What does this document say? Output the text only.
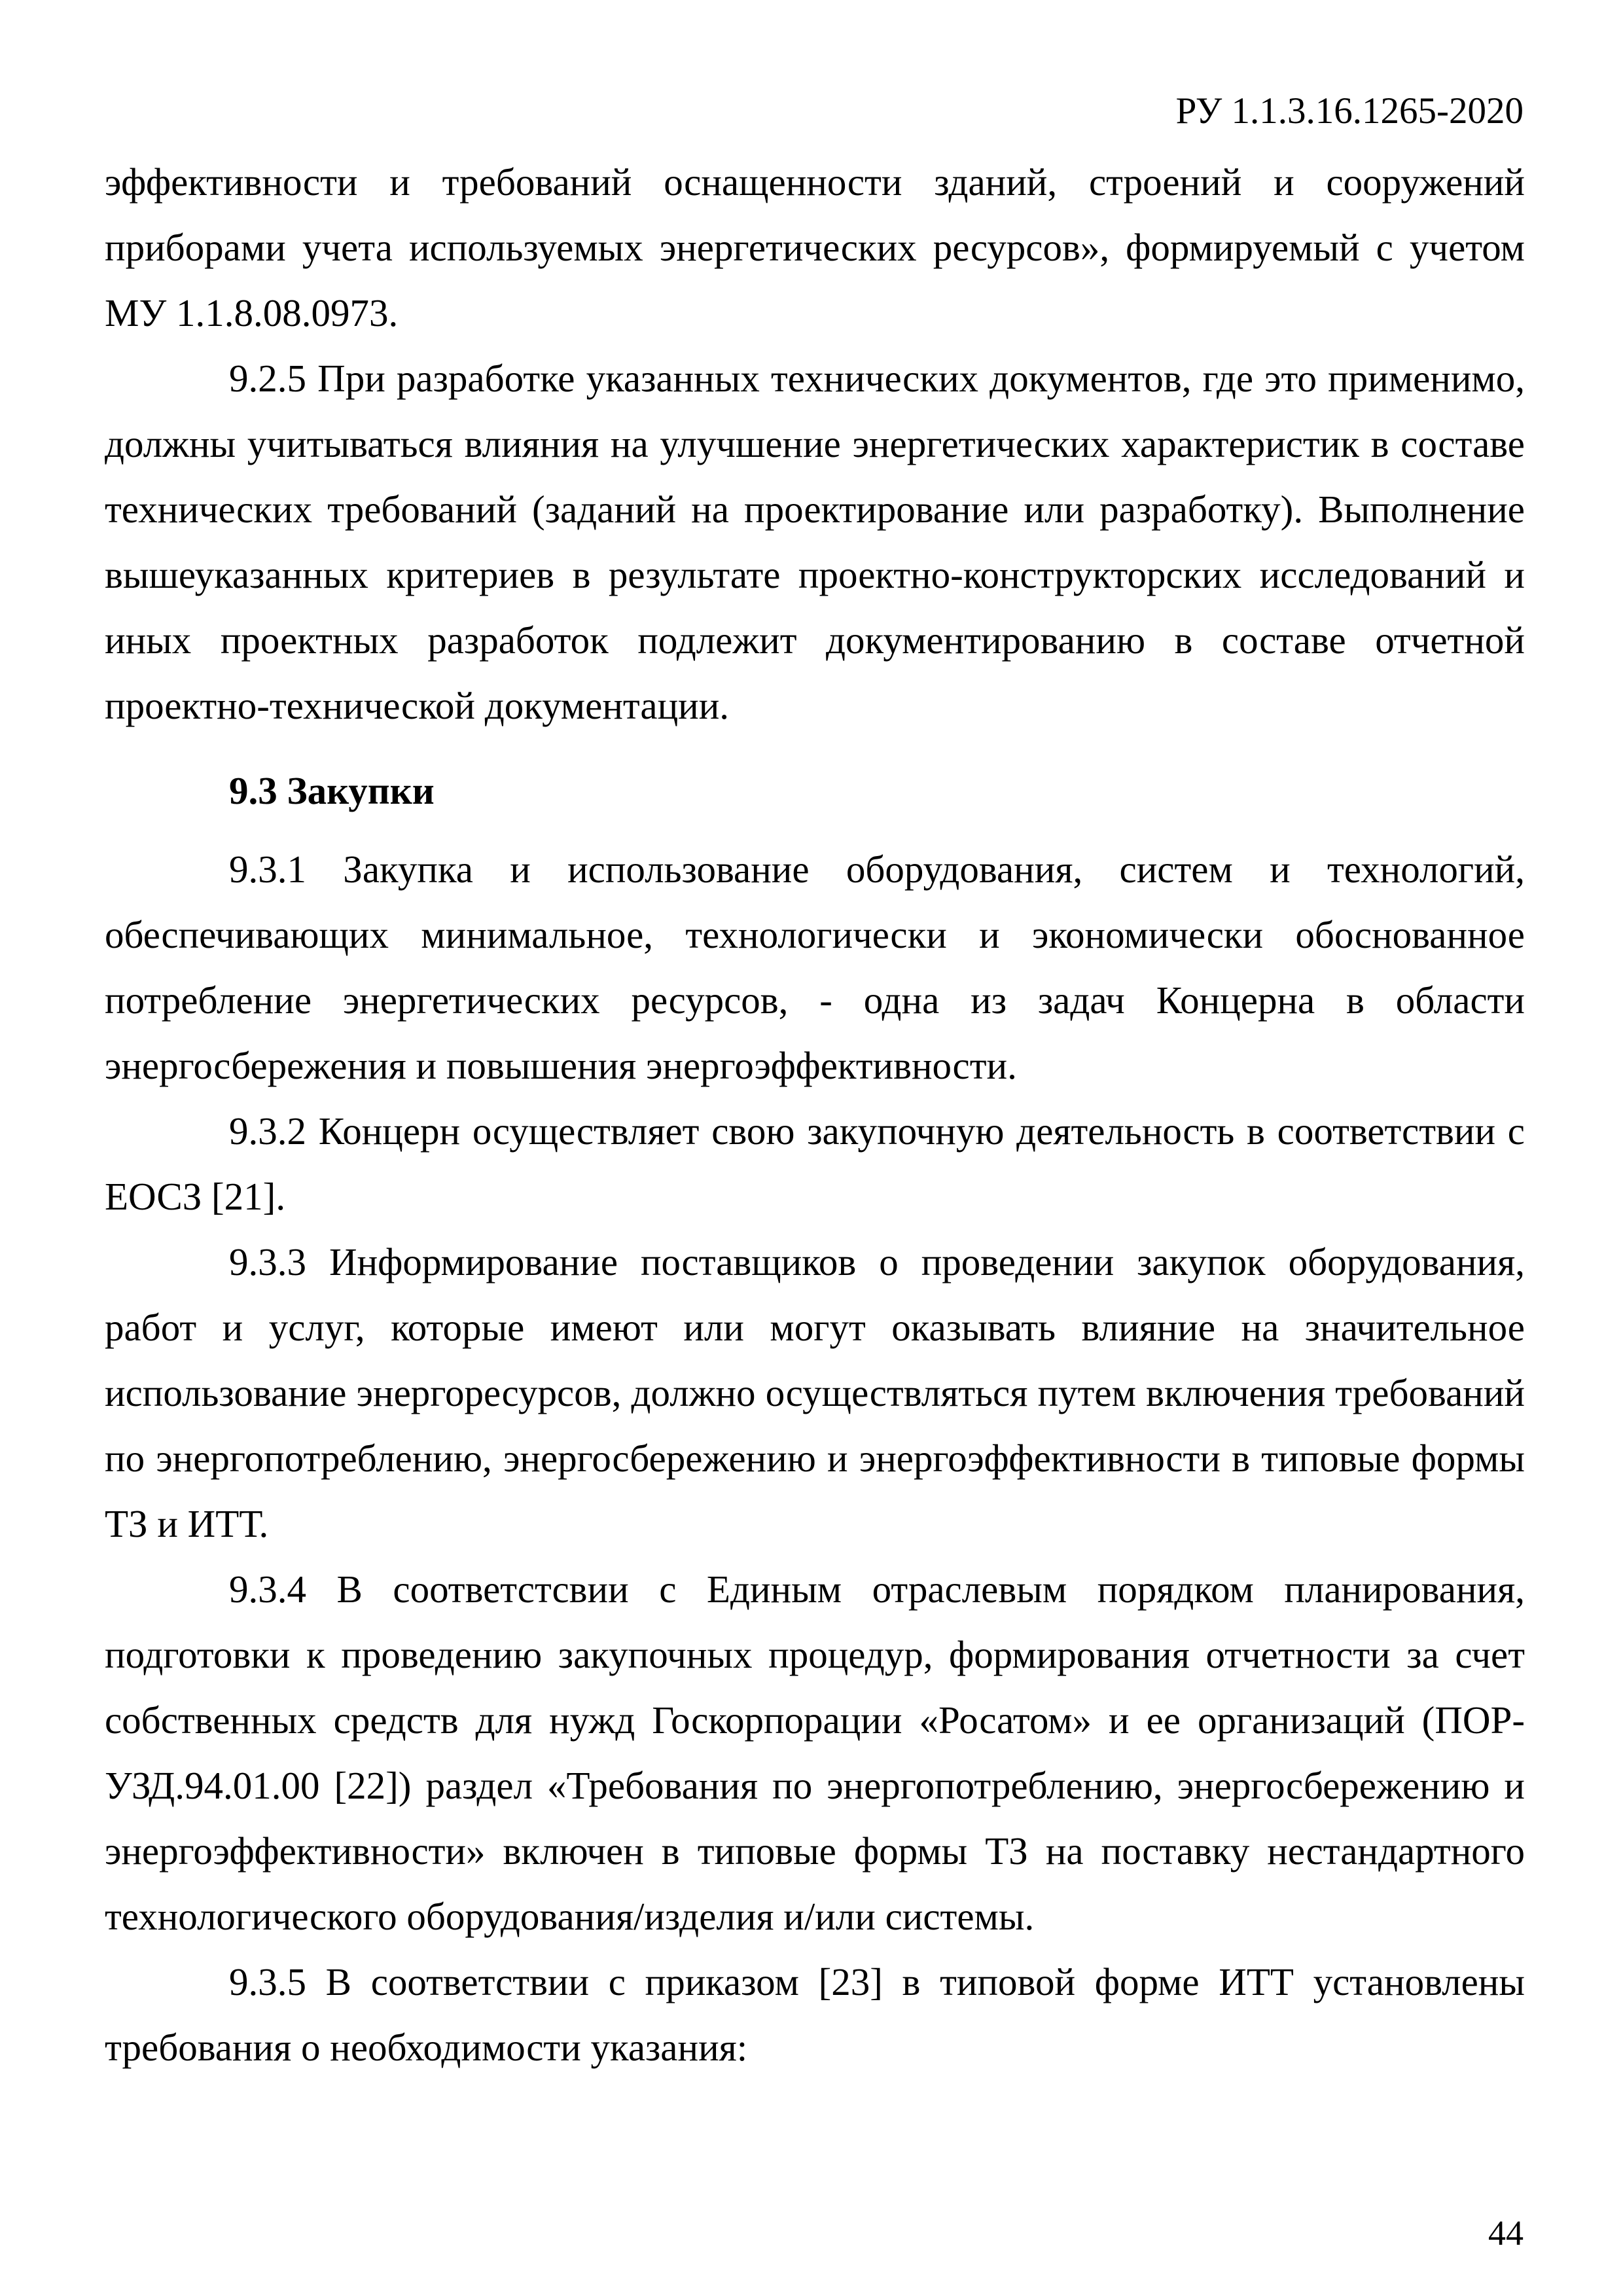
РУ 1.1.3.16.1265-2020

эффективности и требований оснащенности зданий, строений и сооружений приборами учета используемых энергетических ресурсов», формируемый с учетом МУ 1.1.8.08.0973.

9.2.5 При разработке указанных технических документов, где это применимо, должны учитываться влияния на улучшение энергетических характеристик в составе технических требований (заданий на проектирование или разработку). Выполнение вышеуказанных критериев в результате проектно-конструкторских исследований и иных проектных разработок подлежит документированию в составе отчетной проектно-технической документации.

9.3 Закупки

9.3.1 Закупка и использование оборудования, систем и технологий, обеспечивающих минимальное, технологически и экономически обоснованное потребление энергетических ресурсов, - одна из задач Концерна в области энергосбережения и повышения энергоэффективности.

9.3.2 Концерн осуществляет свою закупочную деятельность в соответствии с ЕОСЗ [21].

9.3.3 Информирование поставщиков о проведении закупок оборудования, работ и услуг, которые имеют или могут оказывать влияние на значительное использование энергоресурсов, должно осуществляться путем включения требований по энергопотреблению, энергосбережению и энергоэффективности в типовые формы ТЗ и ИТТ.

9.3.4 В соответстсвии с Единым отраслевым порядком планирования, подготовки к проведению закупочных процедур, формирования отчетности за счет собственных средств для нужд Госкорпорации «Росатом» и ее организаций (ПОР-УЗД.94.01.00 [22]) раздел «Требования по энергопотреблению, энергосбережению и энергоэффективности» включен в типовые формы ТЗ на поставку нестандартного технологического оборудования/изделия и/или системы.

9.3.5 В соответствии с приказом [23] в типовой форме ИТТ установлены требования о необходимости указания:

44
